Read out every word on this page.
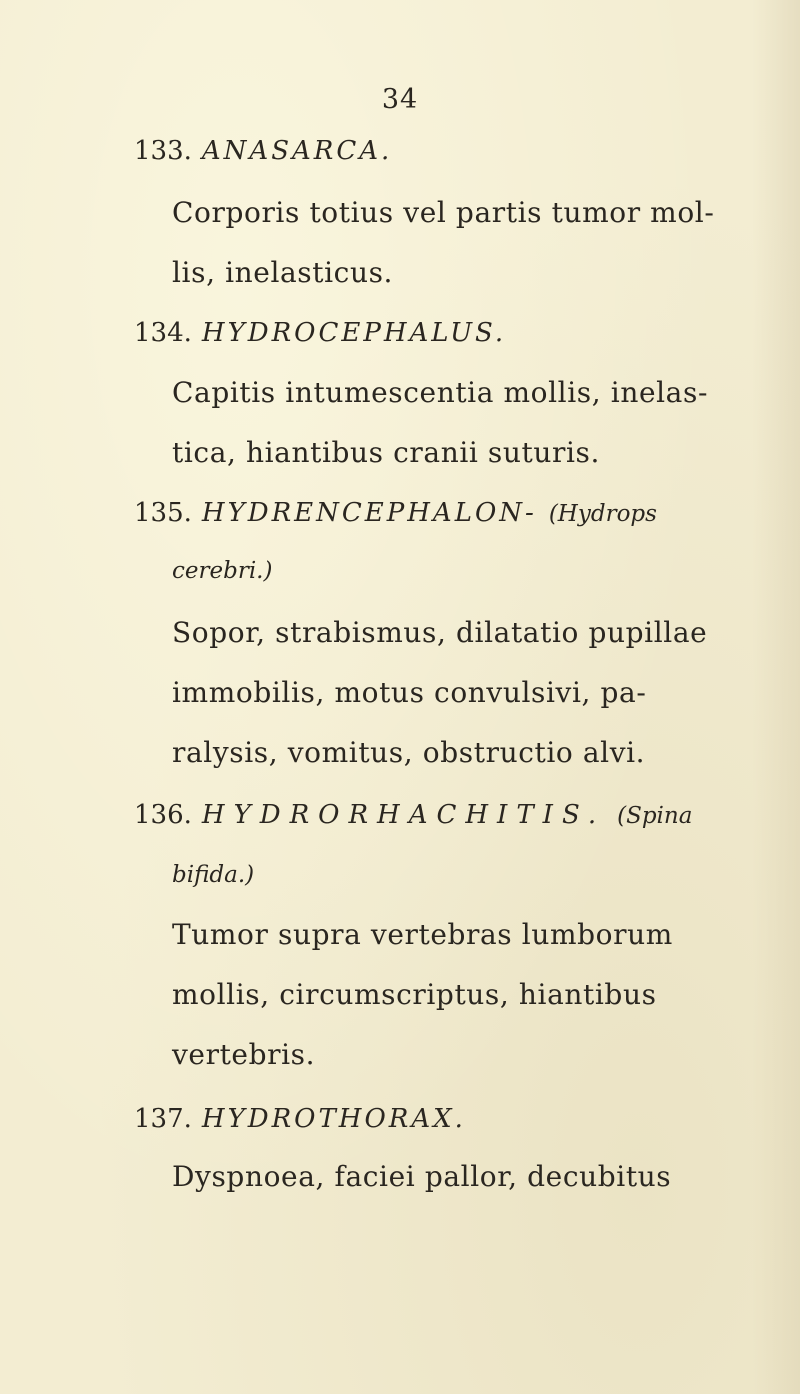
34
133. ANASARCA.
Corporis totius vel partis tumor mol-
lis, inelasticus.
134. HYDROCEPHALUS.
Capitis intumescentia mollis, inelas-
tica, hiantibus cranii suturis.
135. HYDRENCEPHALON- (Hydrops
cerebri.)
Sopor, strabismus, dilatatio pupillae
immobilis, motus convulsivi, pa-
ralysis, vomitus, obstructio alvi.
136. HYDRORHACHITIS. (Spina
bifida.)
Tumor supra vertebras lumborum
mollis, circumscriptus, hiantibus
vertebris.
137. HYDROTHORAX.
Dyspnoea, faciei pallor, decubitus
